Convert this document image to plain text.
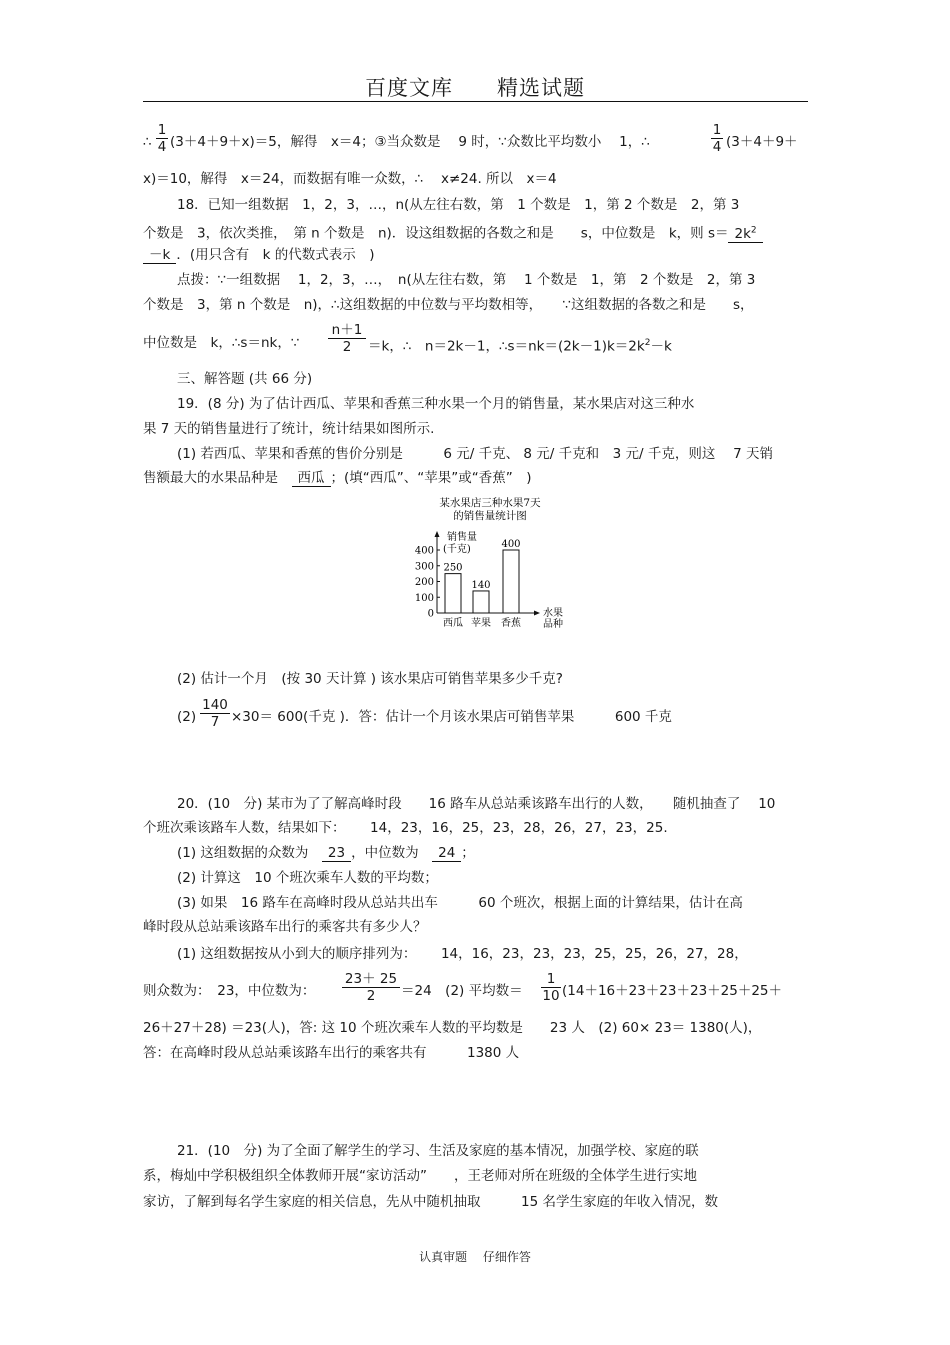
百度文库　　精选试题
∴
1
4 (3＋4＋9＋x)＝5，解得　x＝4；③当众数是　 9 时，∵众数比平均数小　 1，∴
1
4 (3＋4＋9＋
x)＝10，解得　x＝24，而数据有唯一众数，∴　 x≠24. 所以　x＝4
18．已知一组数据　1，2，3，…，n(从左往右数，第　1 个数是　1，第 2 个数是　2，第 3
个数是　3，依次类推，　第 n 个数是　n)．设这组数据的各数之和是　　s，中位数是　k，则 $s= 2k^2$
－k ．(用只含有　k 的代数式表示　)
点拨：∵一组数据　 1，2，3，…，　n(从左往右数，第　 1 个数是　1，第　2 个数是　2，第 3
个数是　3，第 n 个数是　n)，∴这组数据的中位数与平均数相等，　　∵这组数据的各数之和是　　s，
中位数是　k，∴s＝nk，∵
n＋1
2	＝k，∴　n＝2k－1，$\therefore s=nk=(2k-1)k=2k^2-k$
三、解答题 (共 66 分)
19．(8 分) 为了估计西瓜、苹果和香蕉三种水果一个月的销售量，某水果店对这三种水
果 7 天的销售量进行了统计，统计结果如图所示.
(1) 若西瓜、苹果和香蕉的售价分别是　　　6 元/ 千克、 8 元/ 千克和　3 元/ 千克，则这　 7 天销
售额最大的水果品种是　西瓜 ；(填“西瓜”、“苹果”或“香蕉”　)
某水果店三种水果7天
的销售量统计图
销售量
(千克)
水果
品种
0
100
200
300
400
250
西瓜
140
苹果
400
香蕉
(2) 估计一个月　(按 30 天计算 ) 该水果店可销售苹果多少千克?
(2)
140
7 ×30＝ 600(千克 )．答：估计一个月该水果店可销售苹果　　　600 千克
20．(10　分) 某市为了了解高峰时段　　16 路车从总站乘该路车出行的人数，　　随机抽查了　 10
个班次乘该路车人数，结果如下：　　 14，23，16，25，23，28，26，27，23，25.
(1) 这组数据的众数为　23 ，中位数为　24 ；
(2) 计算这　10 个班次乘车人数的平均数；
(3) 如果　16 路车在高峰时段从总站共出车　　　60 个班次，根据上面的计算结果，估计在高
峰时段从总站乘该路车出行的乘客共有多少人？
(1) 这组数据按从小到大的顺序排列为：　　 14，16，23，23，23，25，25，26，27，28，
则众数为：　23，中位数为：
23＋ 25
2	＝24　(2) 平均数＝
1
10 (14＋16＋23＋23＋23＋25＋25＋
26＋27＋28) ＝23(人)，答: 这 10 个班次乘车人数的平均数是　　23 人　(2) 60× 23＝ 1380(人)，
答：在高峰时段从总站乘该路车出行的乘客共有　　　1380 人
21．(10　分) 为了全面了解学生的学习、生活及家庭的基本情况，加强学校、家庭的联
系，梅灿中学积极组织全体教师开展“家访活动”　　，王老师对所在班级的全体学生进行实地
家访，了解到每名学生家庭的相关信息，先从中随机抽取　　　15 名学生家庭的年收入情况，数
认真审题　 仔细作答
